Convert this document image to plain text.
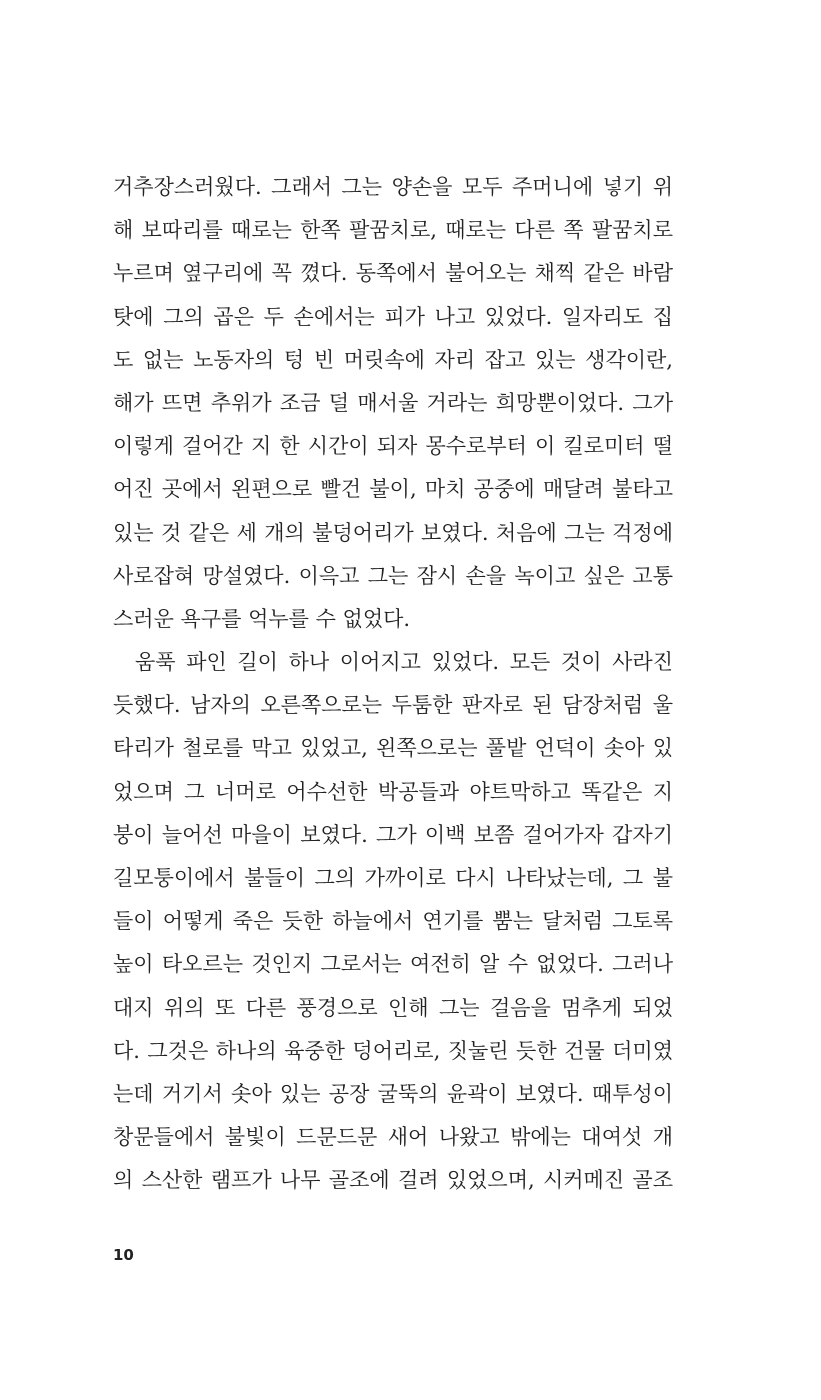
거추장스러웠다. 그래서 그는 양손을 모두 주머니에 넣기 위
해 보따리를 때로는 한쪽 팔꿈치로, 때로는 다른 쪽 팔꿈치로
누르며 옆구리에 꼭 꼈다. 동쪽에서 불어오는 채찍 같은 바람
탓에 그의 곱은 두 손에서는 피가 나고 있었다. 일자리도 집
도 없는 노동자의 텅 빈 머릿속에 자리 잡고 있는 생각이란,
해가 뜨면 추위가 조금 덜 매서울 거라는 희망뿐이었다. 그가
이렇게 걸어간 지 한 시간이 되자 몽수로부터 이 킬로미터 떨
어진 곳에서 왼편으로 빨건 불이, 마치 공중에 매달려 불타고
있는 것 같은 세 개의 불덩어리가 보였다. 처음에 그는 걱정에
사로잡혀 망설였다. 이윽고 그는 잠시 손을 녹이고 싶은 고통
스러운 욕구를 억누를 수 없었다.
움푹 파인 길이 하나 이어지고 있었다. 모든 것이 사라진
듯했다. 남자의 오른쪽으로는 두툼한 판자로 된 담장처럼 울
타리가 철로를 막고 있었고, 왼쪽으로는 풀밭 언덕이 솟아 있
었으며 그 너머로 어수선한 박공들과 야트막하고 똑같은 지
붕이 늘어선 마을이 보였다. 그가 이백 보쯤 걸어가자 갑자기
길모퉁이에서 불들이 그의 가까이로 다시 나타났는데, 그 불
들이 어떻게 죽은 듯한 하늘에서 연기를 뿜는 달처럼 그토록
높이 타오르는 것인지 그로서는 여전히 알 수 없었다. 그러나
대지 위의 또 다른 풍경으로 인해 그는 걸음을 멈추게 되었
다. 그것은 하나의 육중한 덩어리로, 짓눌린 듯한 건물 더미였
는데 거기서 솟아 있는 공장 굴뚝의 윤곽이 보였다. 때투성이
창문들에서 불빛이 드문드문 새어 나왔고 밖에는 대여섯 개
의 스산한 램프가 나무 골조에 걸려 있었으며, 시커메진 골조
10
